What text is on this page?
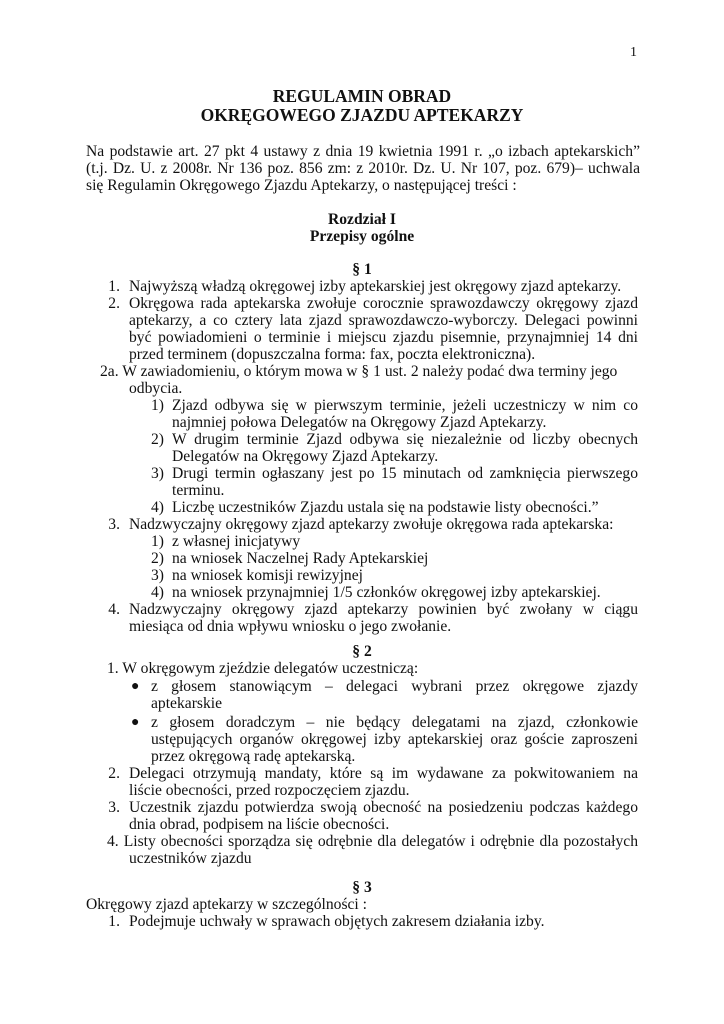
1
REGULAMIN OBRAD
OKRĘGOWEGO ZJAZDU APTEKARZY
Na podstawie art. 27 pkt 4 ustawy z dnia 19 kwietnia 1991 r. „o izbach aptekarskich”
(t.j. Dz. U. z 2008r. Nr 136 poz. 856 zm: z 2010r. Dz. U. Nr 107, poz. 679)– uchwala
się Regulamin Okręgowego Zjazdu Aptekarzy, o następującej treści :
Rozdział I
Przepisy ogólne
§ 1
1. Najwyższą władzą okręgowej izby aptekarskiej jest okręgowy zjazd aptekarzy.
2. Okręgowa rada aptekarska zwołuje corocznie sprawozdawczy okręgowy zjazd
aptekarzy, a co cztery lata zjazd sprawozdawczo-wyborczy. Delegaci powinni
być powiadomieni o terminie i miejscu zjazdu pisemnie, przynajmniej 14 dni
przed terminem (dopuszczalna forma: fax, poczta elektroniczna).
2a. W zawiadomieniu, o którym mowa w § 1 ust. 2 należy podać dwa terminy jego
odbycia.
1) Zjazd odbywa się w pierwszym terminie, jeżeli uczestniczy w nim co
najmniej połowa Delegatów na Okręgowy Zjazd Aptekarzy.
2) W drugim terminie Zjazd odbywa się niezależnie od liczby obecnych
Delegatów na Okręgowy Zjazd Aptekarzy.
3) Drugi termin ogłaszany jest po 15 minutach od zamknięcia pierwszego
terminu.
4) Liczbę uczestników Zjazdu ustala się na podstawie listy obecności.”
3. Nadzwyczajny okręgowy zjazd aptekarzy zwołuje okręgowa rada aptekarska:
1) z własnej inicjatywy
2) na wniosek Naczelnej Rady Aptekarskiej
3) na wniosek komisji rewizyjnej
4) na wniosek przynajmniej 1/5 członków okręgowej izby aptekarskiej.
4. Nadzwyczajny okręgowy zjazd aptekarzy powinien być zwołany w ciągu
miesiąca od dnia wpływu wniosku o jego zwołanie.
§ 2
1. W okręgowym zjeździe delegatów uczestniczą:
● z głosem stanowiącym – delegaci wybrani przez okręgowe zjazdy
aptekarskie
● z głosem doradczym – nie będący delegatami na zjazd, członkowie
ustępujących organów okręgowej izby aptekarskiej oraz goście zaproszeni
przez okręgową radę aptekarską.
2. Delegaci otrzymują mandaty, które są im wydawane za pokwitowaniem na
liście obecności, przed rozpoczęciem zjazdu.
3. Uczestnik zjazdu potwierdza swoją obecność na posiedzeniu podczas każdego
dnia obrad, podpisem na liście obecności.
4. Listy obecności sporządza się odrębnie dla delegatów i odrębnie dla pozostałych
uczestników zjazdu
§ 3
Okręgowy zjazd aptekarzy w szczególności :
1. Podejmuje uchwały w sprawach objętych zakresem działania izby.
